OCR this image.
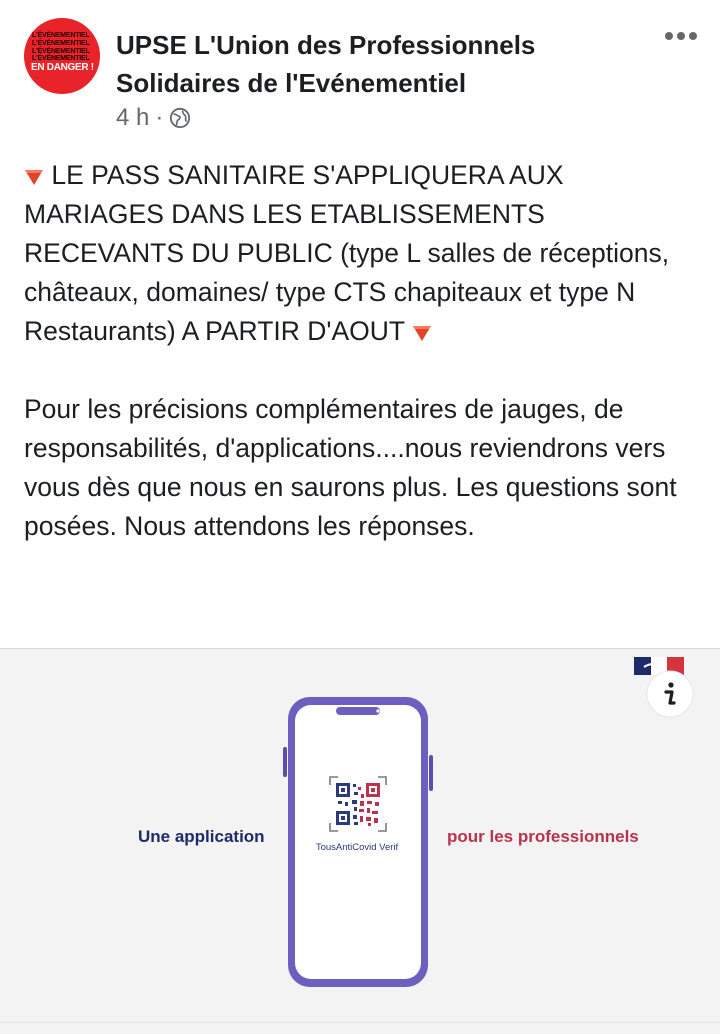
L'ÉVÉNEMENTIEL
L'ÉVÉNEMENTIEL
L'ÉVÉNEMENTIEL
L'ÉVÉNEMENTIEL
EN DANGER !
UPSE L'Union des Professionnels Solidaires de l'Evénementiel
4 h ·

LE PASS SANITAIRE S'APPLIQUERA AUX MARIAGES DANS LES ETABLISSEMENTS RECEVANTS DU PUBLIC (type L salles de réceptions, châteaux, domaines/ type CTS chapiteaux et type N Restaurants) A PARTIR D'AOUT

Pour les précisions complémentaires de jauges, de responsabilités, d'applications....nous reviendrons vers vous dès que nous en saurons plus. Les questions sont posées. Nous attendons les réponses.

Une application	pour les professionnels
TousAntiCovid Verif
